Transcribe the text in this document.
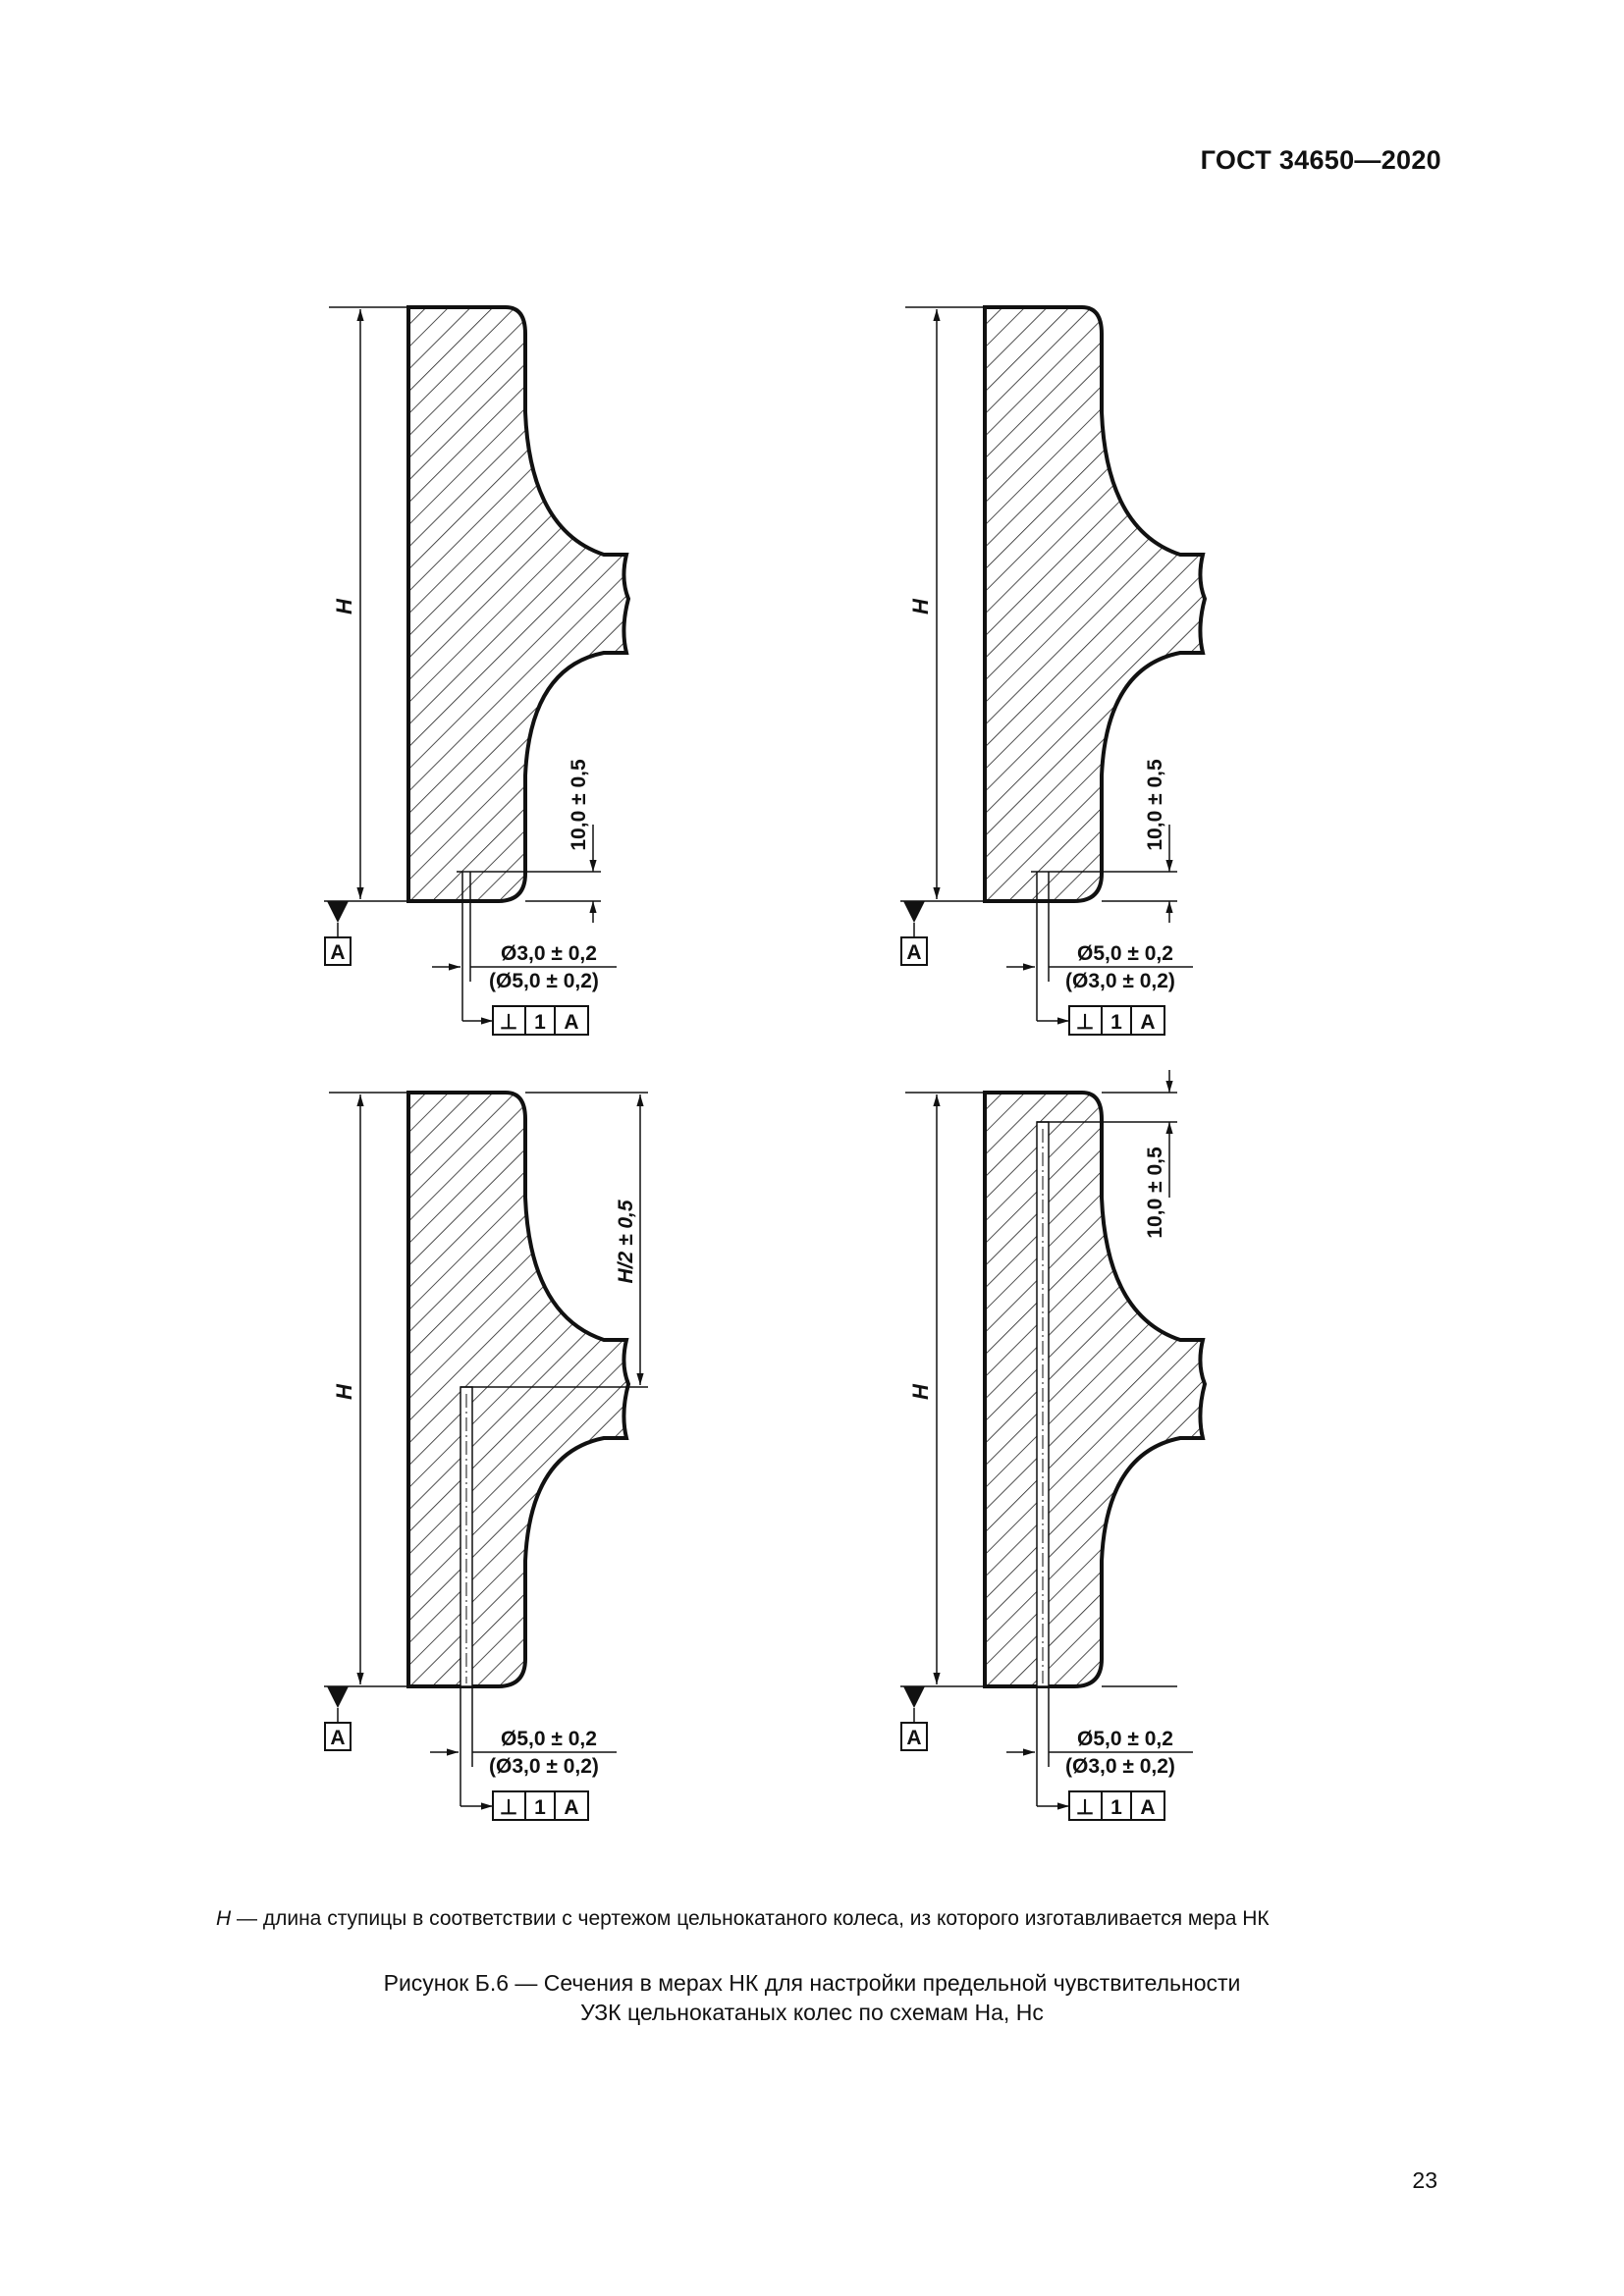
ГОСТ 34650—2020
H
A
10,0 ± 0,5
Ø3,0 ± 0,2
(Ø5,0 ± 0,2)
⊥ 1 A
H
A
10,0 ± 0,5
Ø5,0 ± 0,2
(Ø3,0 ± 0,2)
⊥ 1 A
H/2 ± 0,5
H
A	Ø5,0 ± 0,2
(Ø3,0 ± 0,2)
⊥ 1 A
10,0 ± 0,5
H
A	Ø5,0 ± 0,2
(Ø3,0 ± 0,2)
⊥ 1 A
H — длина ступицы в соответствии с чертежом цельнокатаного колеса, из которого изготавливается мера НК
Рисунок Б.6 — Сечения в мерах НК для настройки предельной чувствительности
УЗК цельнокатаных колес по схемам На, Нс
23
